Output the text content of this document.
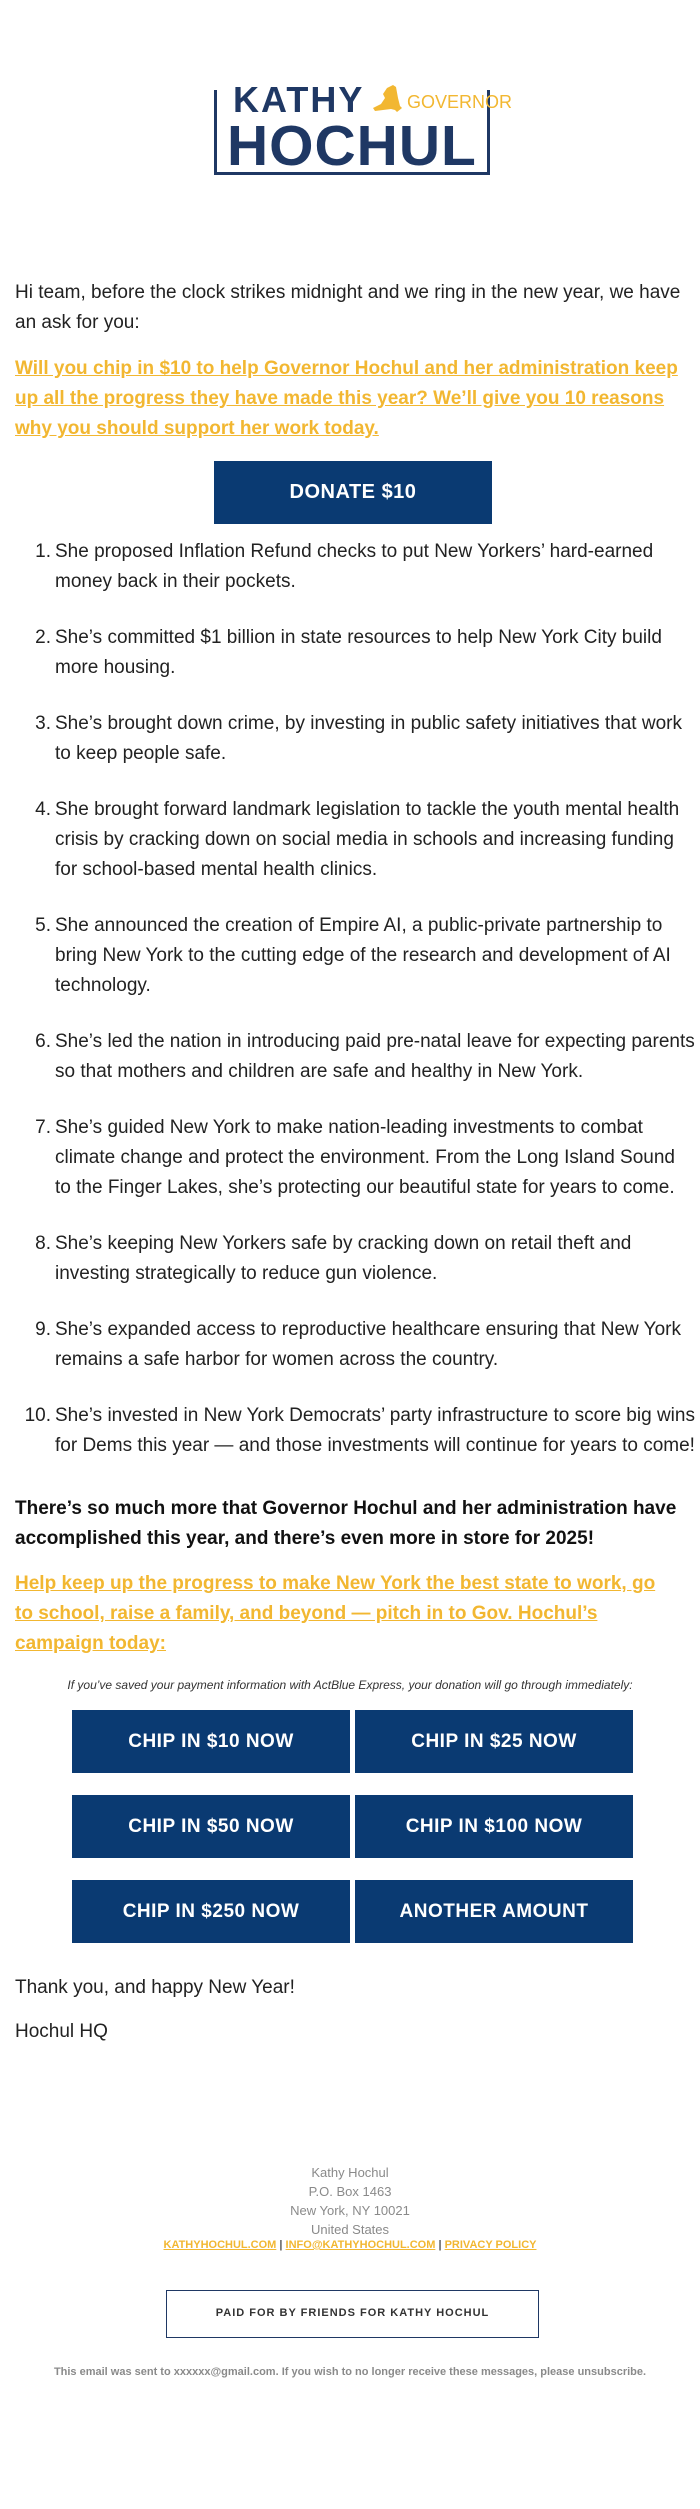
KATHY GOVERNOR
HOCHUL

Hi team, before the clock strikes midnight and we ring in the new year, we have an ask for you:

Will you chip in $10 to help Governor Hochul and her administration keep up all the progress they have made this year? We’ll give you 10 reasons why you should support her work today.
DONATE $10
1. She proposed Inflation Refund checks to put New Yorkers’ hard-earned money back in their pockets.
2. She’s committed $1 billion in state resources to help New York City build more housing.
3. She’s brought down crime, by investing in public safety initiatives that work to keep people safe.
4. She brought forward landmark legislation to tackle the youth mental health crisis by cracking down on social media in schools and increasing funding for school-based mental health clinics.
5. She announced the creation of Empire AI, a public-private partnership to bring New York to the cutting edge of the research and development of AI technology.
6. She’s led the nation in introducing paid pre-natal leave for expecting parents so that mothers and children are safe and healthy in New York.
7. She’s guided New York to make nation-leading investments to combat climate change and protect the environment. From the Long Island Sound to the Finger Lakes, she’s protecting our beautiful state for years to come.
8. She’s keeping New Yorkers safe by cracking down on retail theft and investing strategically to reduce gun violence.
9. She’s expanded access to reproductive healthcare ensuring that New York remains a safe harbor for women across the country.
10. She’s invested in New York Democrats’ party infrastructure to score big wins for Dems this year — and those investments will continue for years to come!

There’s so much more that Governor Hochul and her administration have accomplished this year, and there’s even more in store for 2025!

Help keep up the progress to make New York the best state to work, go to school, raise a family, and beyond — pitch in to Gov. Hochul’s campaign today:

If you’ve saved your payment information with ActBlue Express, your donation will go through immediately:

CHIP IN $10 NOW	CHIP IN $25 NOW
CHIP IN $50 NOW	CHIP IN $100 NOW
CHIP IN $250 NOW	ANOTHER AMOUNT

Thank you, and happy New Year!

Hochul HQ

Kathy Hochul
P.O. Box 1463
New York, NY 10021
United States
KATHYHOCHUL.COM | INFO@KATHYHOCHUL.COM | PRIVACY POLICY
PAID FOR BY FRIENDS FOR KATHY HOCHUL

This email was sent to xxxxxx@gmail.com. If you wish to no longer receive these messages, please unsubscribe.
